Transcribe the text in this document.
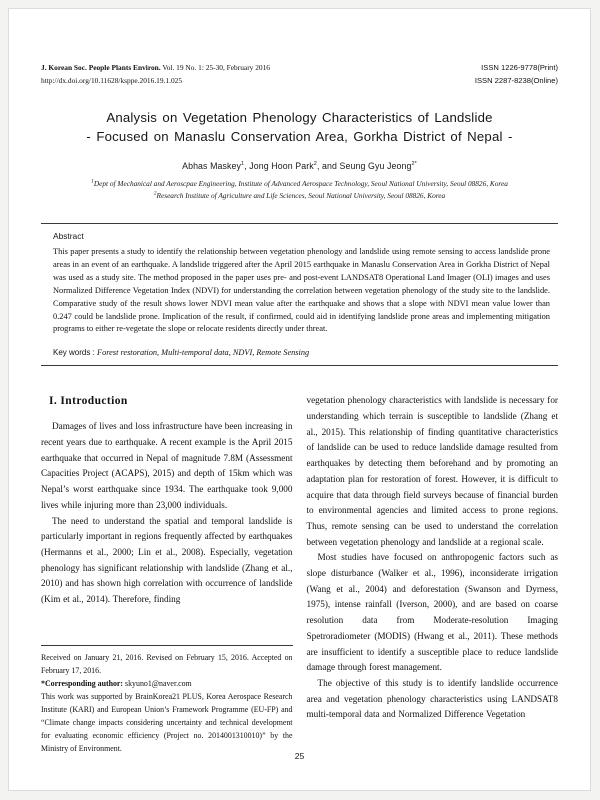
J. Korean Soc. People Plants Environ. Vol. 19 No. 1: 25-30, February 2016
http://dx.doi.org/10.11628/ksppe.2016.19.1.025
ISSN 1226-9778(Print)
ISSN 2287-8238(Online)
Analysis on Vegetation Phenology Characteristics of Landslide
- Focused on Manaslu Conservation Area, Gorkha District of Nepal -
Abhas Maskey$^1$, Jong Hoon Park$^2$, and Seung Gyu Jeong$^{2*}$
$^1$Dept of Mechanical and Aeroscpae Engineering, Institute of Advanced Aerospace Technology, Seoul National University, Seoul 08826, Korea
$^2$Research Institute of Agriculture and Life Sciences, Seoul National University, Seoul 08826, Korea
Abstract
This paper presents a study to identify the relationship between vegetation phenology and landslide using remote sensing to access landslide prone areas in an event of an earthquake. A landslide triggered after the April 2015 earthquake in Manaslu Conservation Area in Gorkha District of Nepal was used as a study site. The method proposed in the paper uses pre- and post-event LANDSAT8 Operational Land Imager (OLI) images and uses Normalized Difference Vegetation Index (NDVI) for understanding the correlation between vegetation phenology of the study site to the landslide. Comparative study of the result shows lower NDVI mean value after the earthquake and shows that a slope with NDVI mean value lower than 0.247 could be landslide prone. Implication of the result, if confirmed, could aid in identifying landslide prone areas and implementing mitigation programs to either re-vegetate the slope or relocate residents directly under threat.
Key words : Forest restoration, Multi-temporal data, NDVI, Remote Sensing
I. Introduction

Damages of lives and loss infrastructure have been increasing in recent years due to earthquake. A recent example is the April 2015 earthquake that occurred in Nepal of magnitude 7.8M (Assessment Capacities Project (ACAPS), 2015) and depth of 15km which was Nepal’s worst earthquake since 1934. The earthquake took 9,000 lives while injuring more than 23,000 individuals.

The need to understand the spatial and temporal landslide is particularly important in regions frequently affected by earthquakes (Hermanns et al., 2000; Lin et al., 2008). Especially, vegetation phenology has significant relationship with landslide (Zhang et al., 2010) and has shown high correlation with occurrence of landslide (Kim et al., 2014). Therefore, finding

Received on January 21, 2016. Revised on February 15, 2016. Accepted on February 17, 2016.
*Corresponding author: skyuno1@naver.com
This work was supported by BrainKorea21 PLUS, Korea Aerospace Research Institute (KARI) and European Union’s Framework Programme (EU-FP) and “Climate change impacts considering uncertainty and technical development for evaluating economic efficiency (Project no. 2014001310010)” by the Ministry of Environment.

vegetation phenology characteristics with landslide is necessary for understanding which terrain is susceptible to landslide (Zhang et al., 2015). This relationship of finding quantitative characteristics of landslide can be used to reduce landslide damage resulted from earthquakes by detecting them beforehand and by promoting an adaptation plan for restoration of forest. However, it is difficult to acquire that data through field surveys because of financial burden to environmental agencies and limited access to prone regions. Thus, remote sensing can be used to understand the correlation between vegetation phenology and landslide at a regional scale.

Most studies have focused on anthropogenic factors such as slope disturbance (Walker et al., 1996), inconsiderate irrigation (Wang et al., 2004) and deforestation (Swanson and Dyrness, 1975), intense rainfall (Iverson, 2000), and are based on coarse resolution data from Moderate-resolution Imaging Spetroradiometer (MODIS) (Hwang et al., 2011). These methods are insufficient to identify a susceptible place to reduce landslide damage through forest management.

The objective of this study is to identify landslide occurrence area and vegetation phenology characteristics using LANDSAT8 multi-temporal data and Normalized Difference Vegetation

25
